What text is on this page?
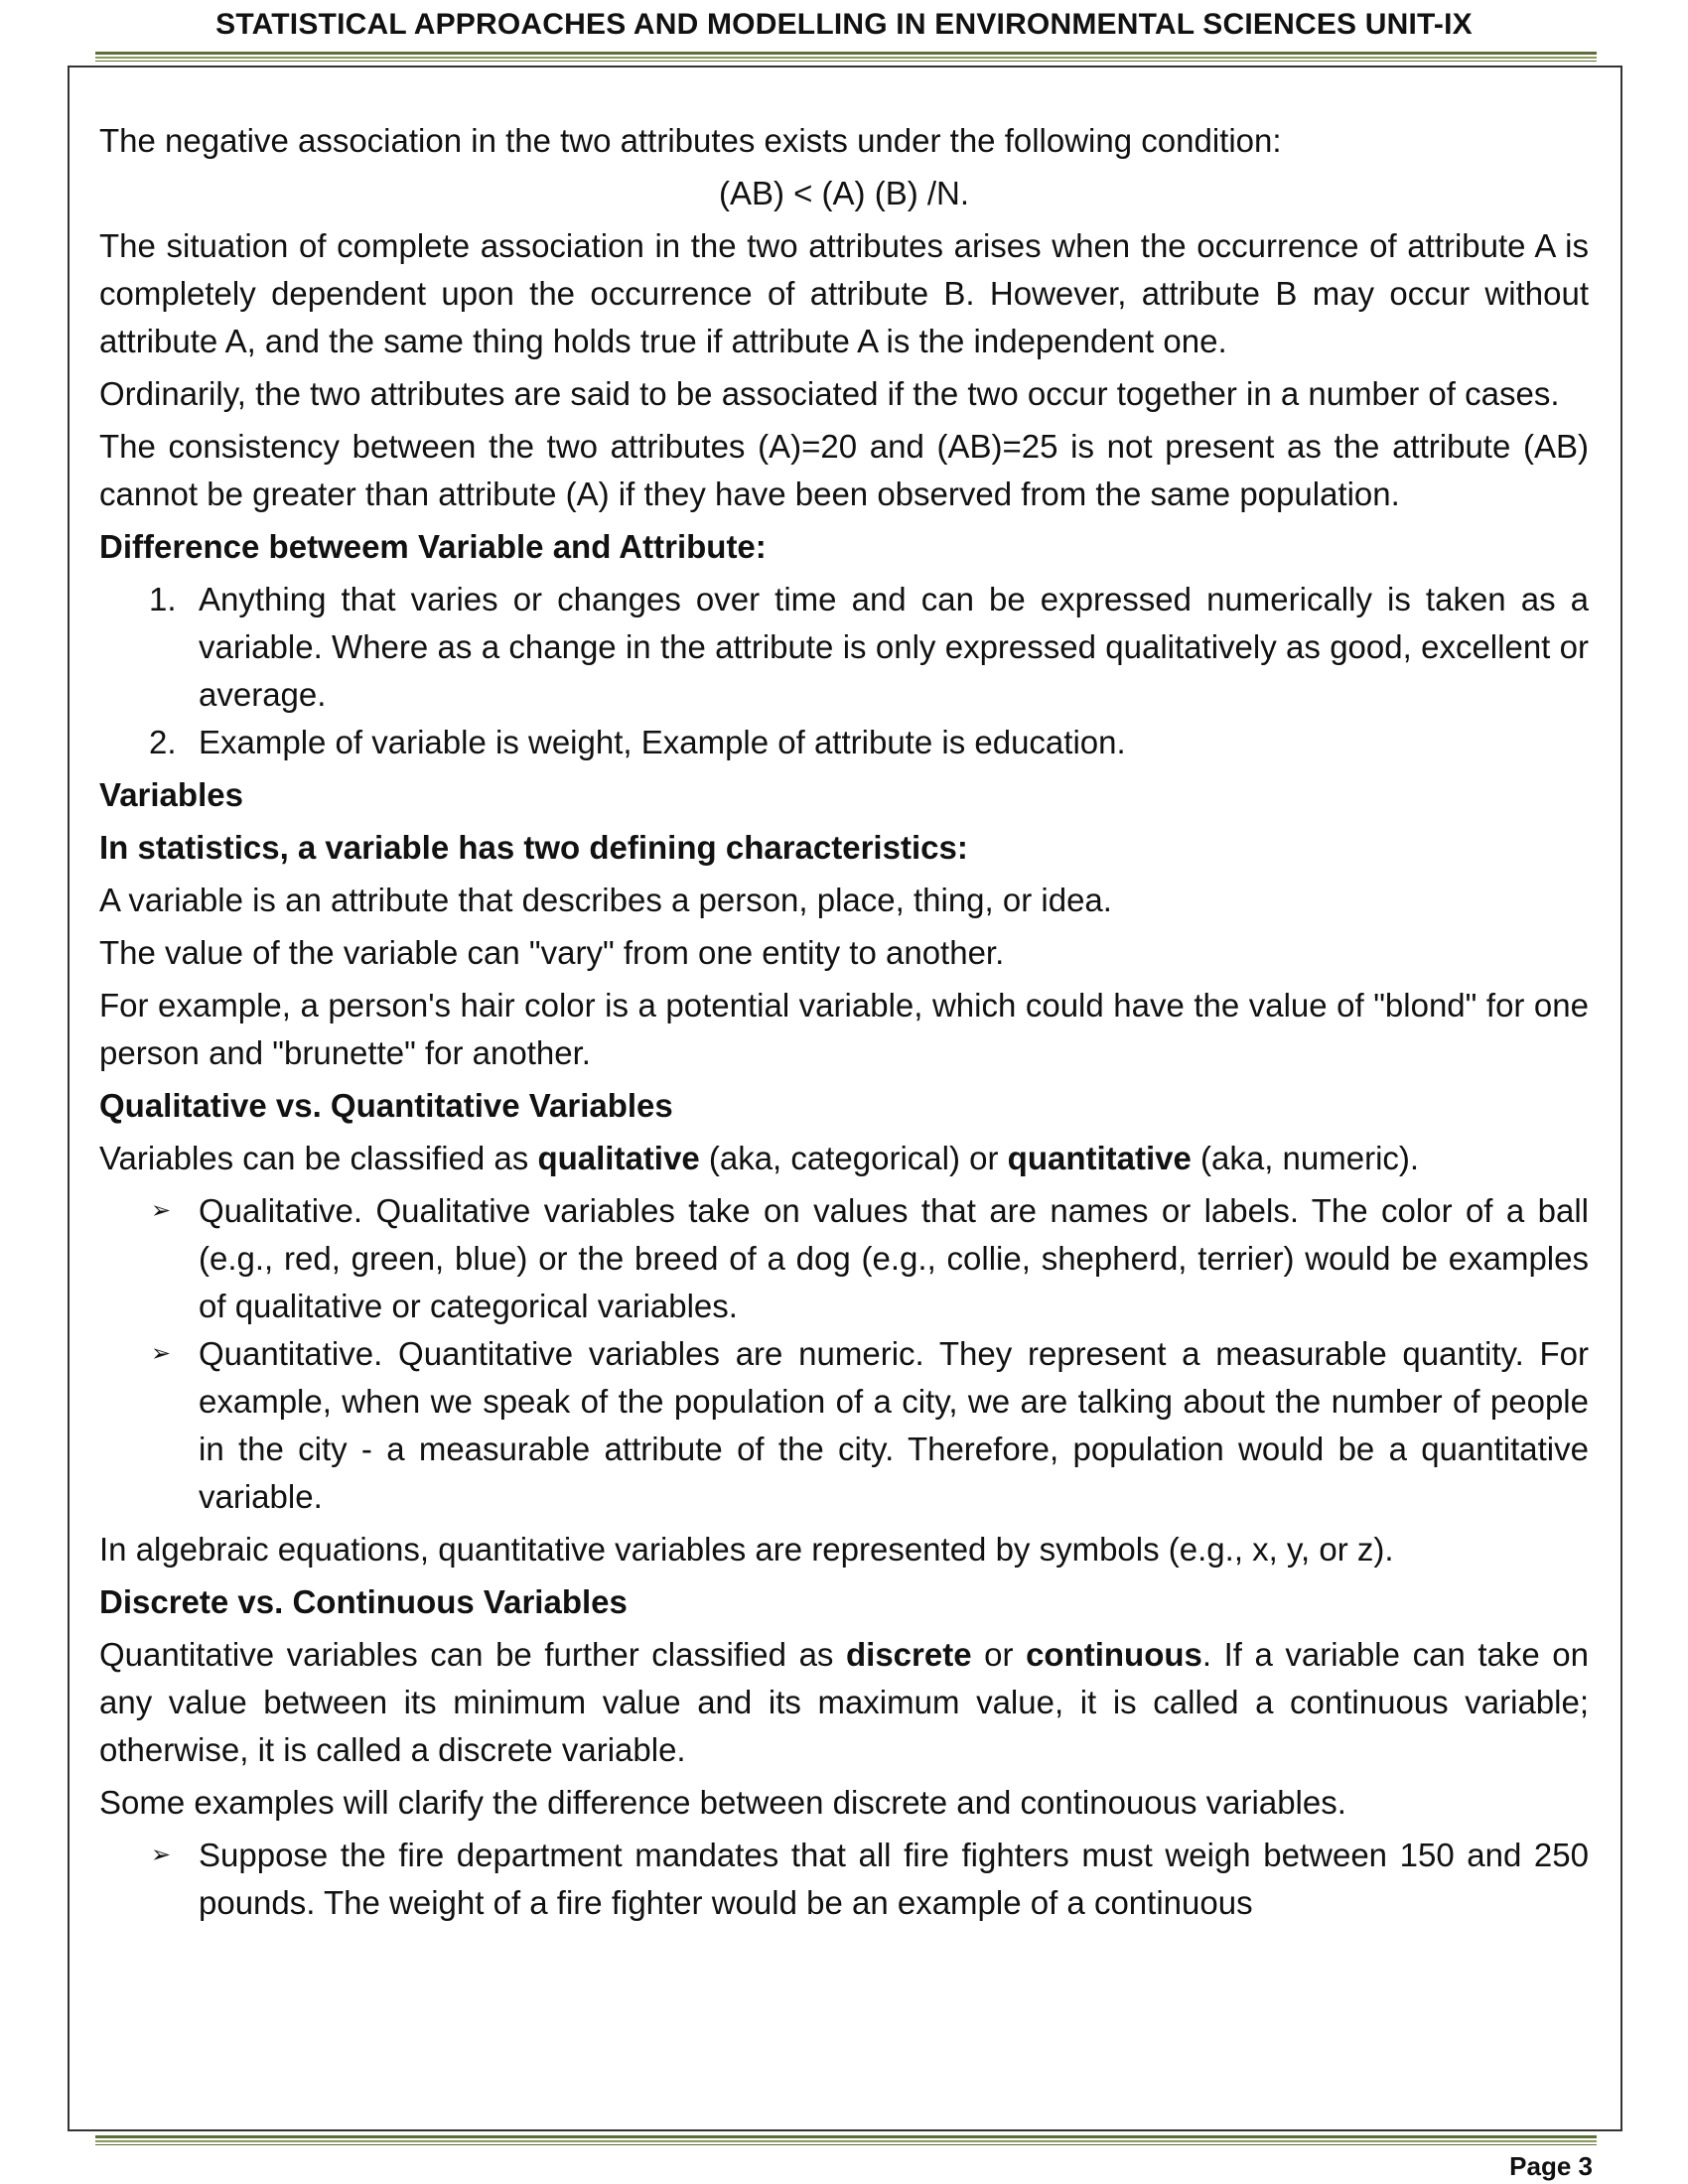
STATISTICAL APPROACHES AND MODELLING IN ENVIRONMENTAL SCIENCES UNIT-IX

The negative association in the two attributes exists under the following condition:

(AB) < (A) (B) /N.

The situation of complete association in the two attributes arises when the occurrence of attribute A is completely dependent upon the occurrence of attribute B. However, attribute B may occur without attribute A, and the same thing holds true if attribute A is the independent one.

Ordinarily, the two attributes are said to be associated if the two occur together in a number of cases.

The consistency between the two attributes (A)=20 and (AB)=25 is not present as the attribute (AB) cannot be greater than attribute (A) if they have been observed from the same population.

Difference betweem Variable and Attribute:
1. Anything that varies or changes over time and can be expressed numerically is taken as a variable. Where as a change in the attribute is only expressed qualitatively as good, excellent or average.
2. Example of variable is weight, Example of attribute is education.
Variables
In statistics, a variable has two defining characteristics:

A variable is an attribute that describes a person, place, thing, or idea.

The value of the variable can "vary" from one entity to another.

For example, a person's hair color is a potential variable, which could have the value of "blond" for one person and "brunette" for another.

Qualitative vs. Quantitative Variables

Variables can be classified as qualitative (aka, categorical) or quantitative (aka, numeric).

➢ Qualitative. Qualitative variables take on values that are names or labels. The color of a ball (e.g., red, green, blue) or the breed of a dog (e.g., collie, shepherd, terrier) would be examples of qualitative or categorical variables.
➢ Quantitative. Quantitative variables are numeric. They represent a measurable quantity. For example, when we speak of the population of a city, we are talking about the number of people in the city - a measurable attribute of the city. Therefore, population would be a quantitative variable.

In algebraic equations, quantitative variables are represented by symbols (e.g., x, y, or z).

Discrete vs. Continuous Variables

Quantitative variables can be further classified as discrete or continuous. If a variable can take on any value between its minimum value and its maximum value, it is called a continuous variable; otherwise, it is called a discrete variable.

Some examples will clarify the difference between discrete and continouous variables.

➢ Suppose the fire department mandates that all fire fighters must weigh between 150 and 250 pounds. The weight of a fire fighter would be an example of a continuous
Page 3
